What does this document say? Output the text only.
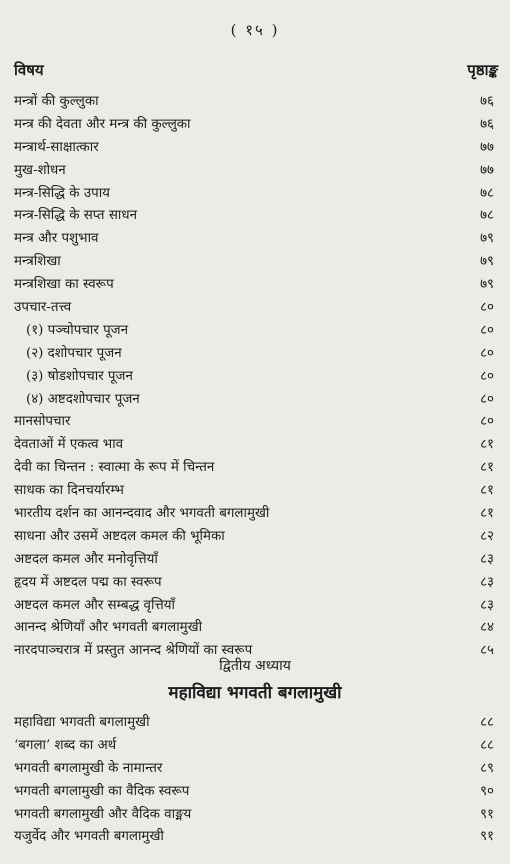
( १५ )
विषय	पृष्ठाङ्क
मन्त्रों की कुल्लुका	७६
मन्त्र की देवता और मन्त्र की कुल्लुका	७६
मन्त्रार्थ-साक्षात्कार	७७
मुख-शोधन	७७
मन्त्र-सिद्धि के उपाय	७८
मन्त्र-सिद्धि के सप्त साधन	७८
मन्त्र और पशुभाव	७९
मन्त्रशिखा	७९
मन्त्रशिखा का स्वरूप	७९
उपचार-तत्त्व	८०
(१) पञ्चोपचार पूजन	८०
(२) दशोपचार पूजन	८०
(३) षोडशोपचार पूजन	८०
(४) अष्टदशोपचार पूजन	८०
मानसोपचार	८०
देवताओं में एकत्व भाव	८१
देवी का चिन्तन : स्वात्मा के रूप में चिन्तन	८१
साधक का दिनचर्यारम्भ	८१
भारतीय दर्शन का आनन्दवाद और भगवती बगलामुखी	८१
साधना और उसमें अष्टदल कमल की भूमिका	८२
अष्टदल कमल और मनोवृत्तियाँ	८३
हृदय में अष्टदल पद्म का स्वरूप	८३
अष्टदल कमल और सम्बद्ध वृत्तियाँ	८३
आनन्द श्रेणियाँ और भगवती बगलामुखी	८४
नारदपाञ्चरात्र में प्रस्तुत आनन्द श्रेणियों का स्वरूप	८५
द्वितीय अध्याय
महाविद्या भगवती बगलामुखी
महाविद्या भगवती बगलामुखी	८८
‘बगला’ शब्द का अर्थ	८८
भगवती बगलामुखी के नामान्तर	८९
भगवती बगलामुखी का वैदिक स्वरूप	९०
भगवती बगलामुखी और वैदिक वाङ्मय	९१
यजुर्वेद और भगवती बगलामुखी	९१
